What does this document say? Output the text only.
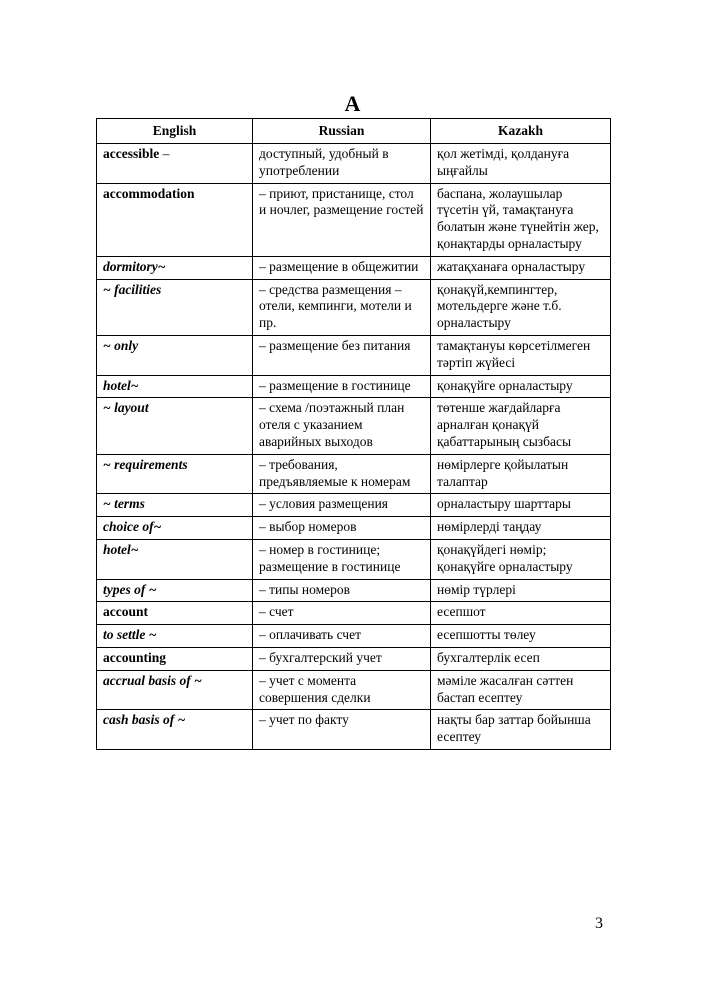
A
English	Russian	Kazakh
accessible –	доступный, удобный в употреблении	қол жетімді, қолдануға ыңғайлы
accommodation	– приют, пристанище, стол и ночлег, размещение гостей	баспана, жолаушылар түсетін үй, тамақтануға болатын және түнейтін жер, қонақтарды орналастыру
dormitory~	– размещение в общежитии	жатақханаға орналастыру
~ facilities	– средства размещения – отели, кемпинги, мотели и пр.	қонақүй,кемпингтер, мотельдерге және т.б. орналастыру
~ only	– размещение без питания	тамақтануы көрсетілмеген тәртіп жүйесі
hotel~	– размещение в гостинице	қонақүйге орналастыру
~ layout	– схема /поэтажный план отеля с указанием аварийных выходов	төтенше жағдайларға арналған қонақүй қабаттарының сызбасы
~ requirements	– требования, предъявляемые к номерам	нөмірлерге қойылатын талаптар
~ terms	– условия размещения	орналастыру шарттары
choice of~	– выбор номеров	нөмірлерді таңдау
hotel~	– номер в гостинице; размещение в гостинице	қонақүйдегі нөмір; қонақүйге орналастыру
types of ~	– типы номеров	нөмір түрлері
account	– счет	есепшот
to settle ~	– оплачивать счет	есепшотты төлеу
accounting	– бухгалтерский учет	бухгалтерлік есеп
accrual basis of ~	– учет с момента совершения сделки	мәміле жасалған сәттен бастап есептеу
cash basis of ~	– учет по факту	нақты бар заттар бойынша есептеу
3
